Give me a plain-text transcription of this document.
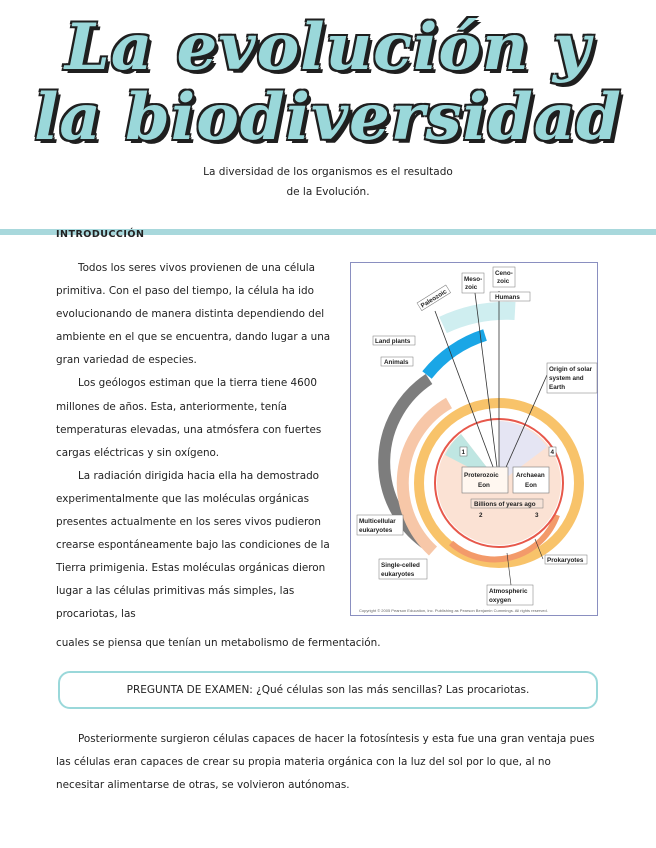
La evolución y
la biodiversidad
La diversidad de los organismos es el resultado
de la Evolución.
INTRODUCCIÓN

Todos los seres vivos provienen de una célula primitiva. Con el paso del tiempo, la célula ha ido evolucionando de manera distinta dependiendo del ambiente en el que se encuentra, dando lugar a una gran variedad de especies.

Los geólogos estiman que la tierra tiene 4600 millones de años. Esta, anteriormente, tenía temperaturas elevadas, una atmósfera con fuertes cargas eléctricas y sin oxígeno.

La radiación dirigida hacia ella ha demostrado experimentalmente que las moléculas orgánicas presentes actualmente en los seres vivos pudieron crearse espontáneamente bajo las condiciones de la Tierra primigenia. Estas moléculas orgánicas dieron lugar a las células primitivas más simples, las procariotas, las

cuales se piensa que tenían un metabolismo de fermentación.
1	4
2	3
Proterozoic
Eon
Archaean
Eon
Billions of years ago
Humans
Ceno-
zoic
Meso-
zoic
Paleozoic
Land plants
Animals
Origin of solar
system and
Earth
Multicellular
eukaryotes
Single-celled
eukaryotes
Prokaryotes
Atmospheric
oxygen
Copyright © 2005 Pearson Education, Inc. Publishing as Pearson Benjamin Cummings. All rights reserved.
PREGUNTA DE EXAMEN: ¿Qué células son las más sencillas? Las procariotas.

Posteriormente surgieron células capaces de hacer la fotosíntesis y esta fue una gran ventaja pues las células eran capaces de crear su propia materia orgánica con la luz del sol por lo que, al no necesitar alimentarse de otras, se volvieron autónomas.
